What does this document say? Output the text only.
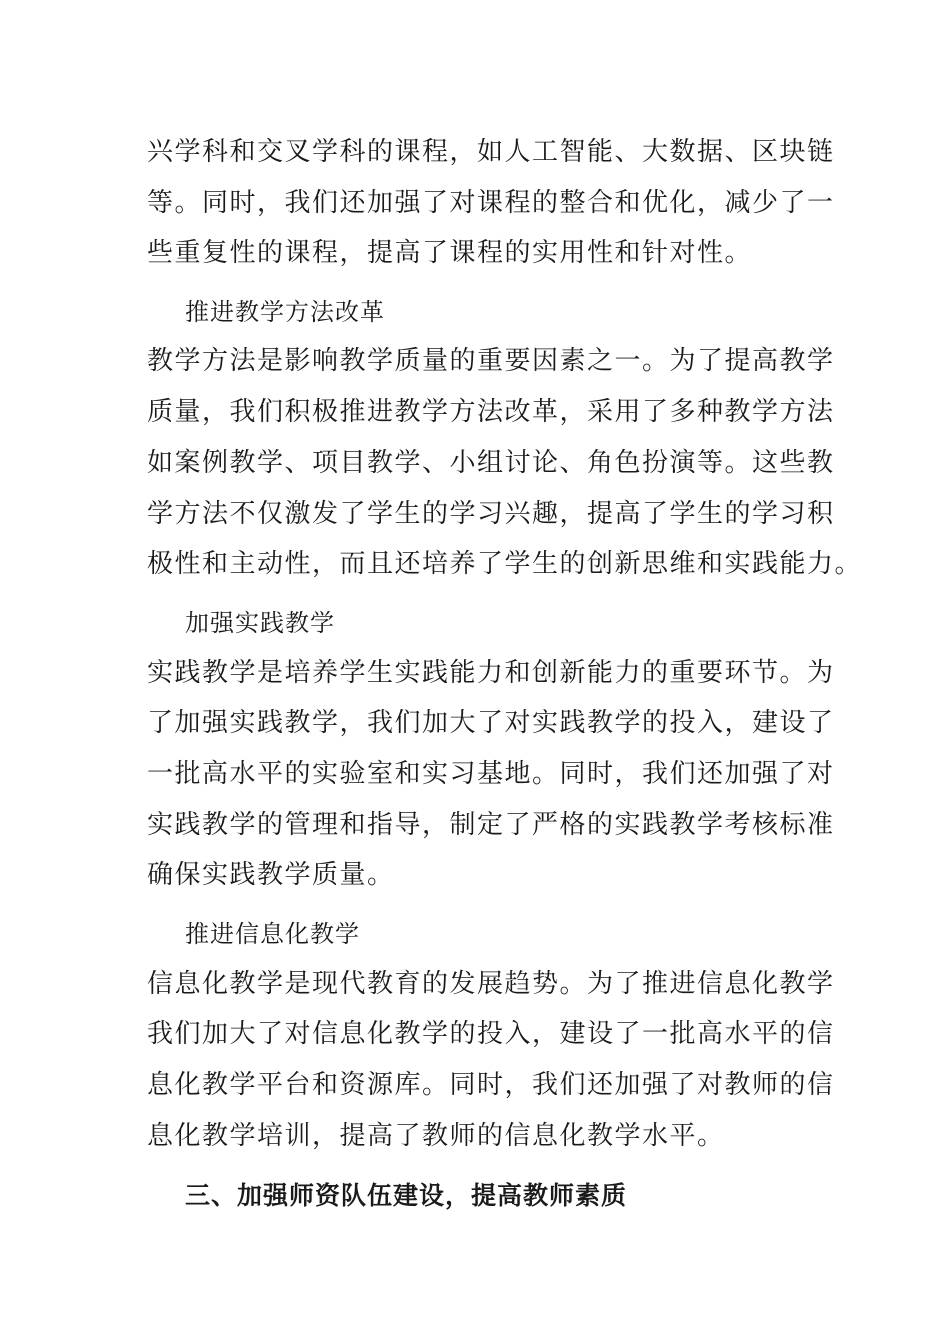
兴学科和交叉学科的课程，如人工智能、大数据、区块链
等。同时，我们还加强了对课程的整合和优化，减少了一
些重复性的课程，提高了课程的实用性和针对性。
推进教学方法改革
教学方法是影响教学质量的重要因素之一。为了提高教学
质量，我们积极推进教学方法改革，采用了多种教学方法
如案例教学、项目教学、小组讨论、角色扮演等。这些教
学方法不仅激发了学生的学习兴趣，提高了学生的学习积
极性和主动性，而且还培养了学生的创新思维和实践能力。
加强实践教学
实践教学是培养学生实践能力和创新能力的重要环节。为
了加强实践教学，我们加大了对实践教学的投入，建设了
一批高水平的实验室和实习基地。同时，我们还加强了对
实践教学的管理和指导，制定了严格的实践教学考核标准
确保实践教学质量。
推进信息化教学
信息化教学是现代教育的发展趋势。为了推进信息化教学
我们加大了对信息化教学的投入，建设了一批高水平的信
息化教学平台和资源库。同时，我们还加强了对教师的信
息化教学培训，提高了教师的信息化教学水平。
三、加强师资队伍建设，提高教师素质
